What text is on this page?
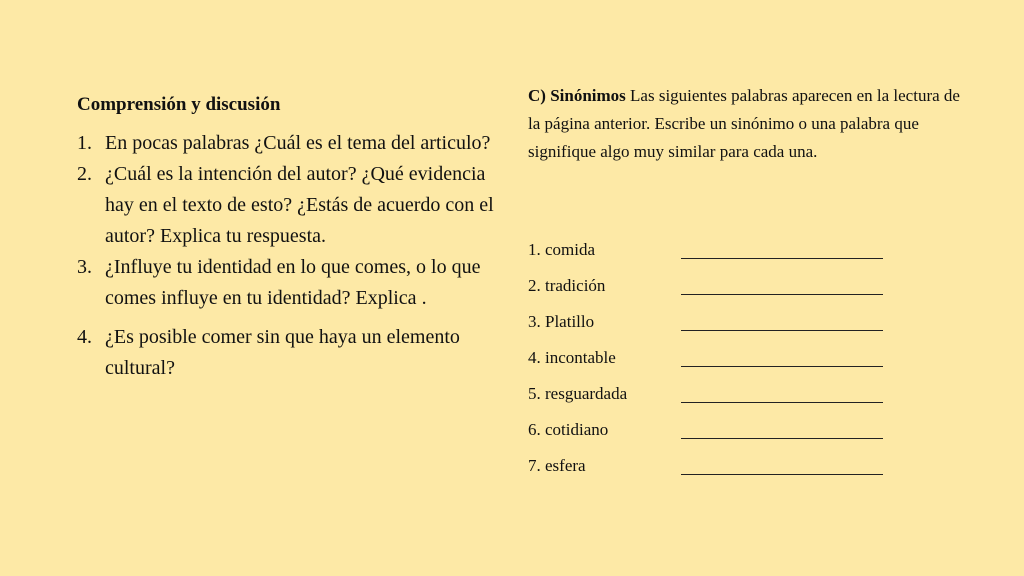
Comprensión y discusión
1. En pocas palabras ¿Cuál es el tema del articulo?
2. ¿Cuál es la intención del autor? ¿Qué evidencia hay en el texto de esto? ¿Estás de acuerdo con el autor? Explica tu respuesta.
3. ¿Influye tu identidad en lo que comes, o lo que comes influye en tu identidad? Explica .
4. ¿Es posible comer sin que haya un elemento cultural?

C) Sinónimos Las siguientes palabras aparecen en la lectura de la página anterior. Escribe un sinónimo o una palabra que signifique algo muy similar para cada una.

1. comida
2. tradición
3. Platillo
4. incontable
5. resguardada
6. cotidiano
7. esfera
